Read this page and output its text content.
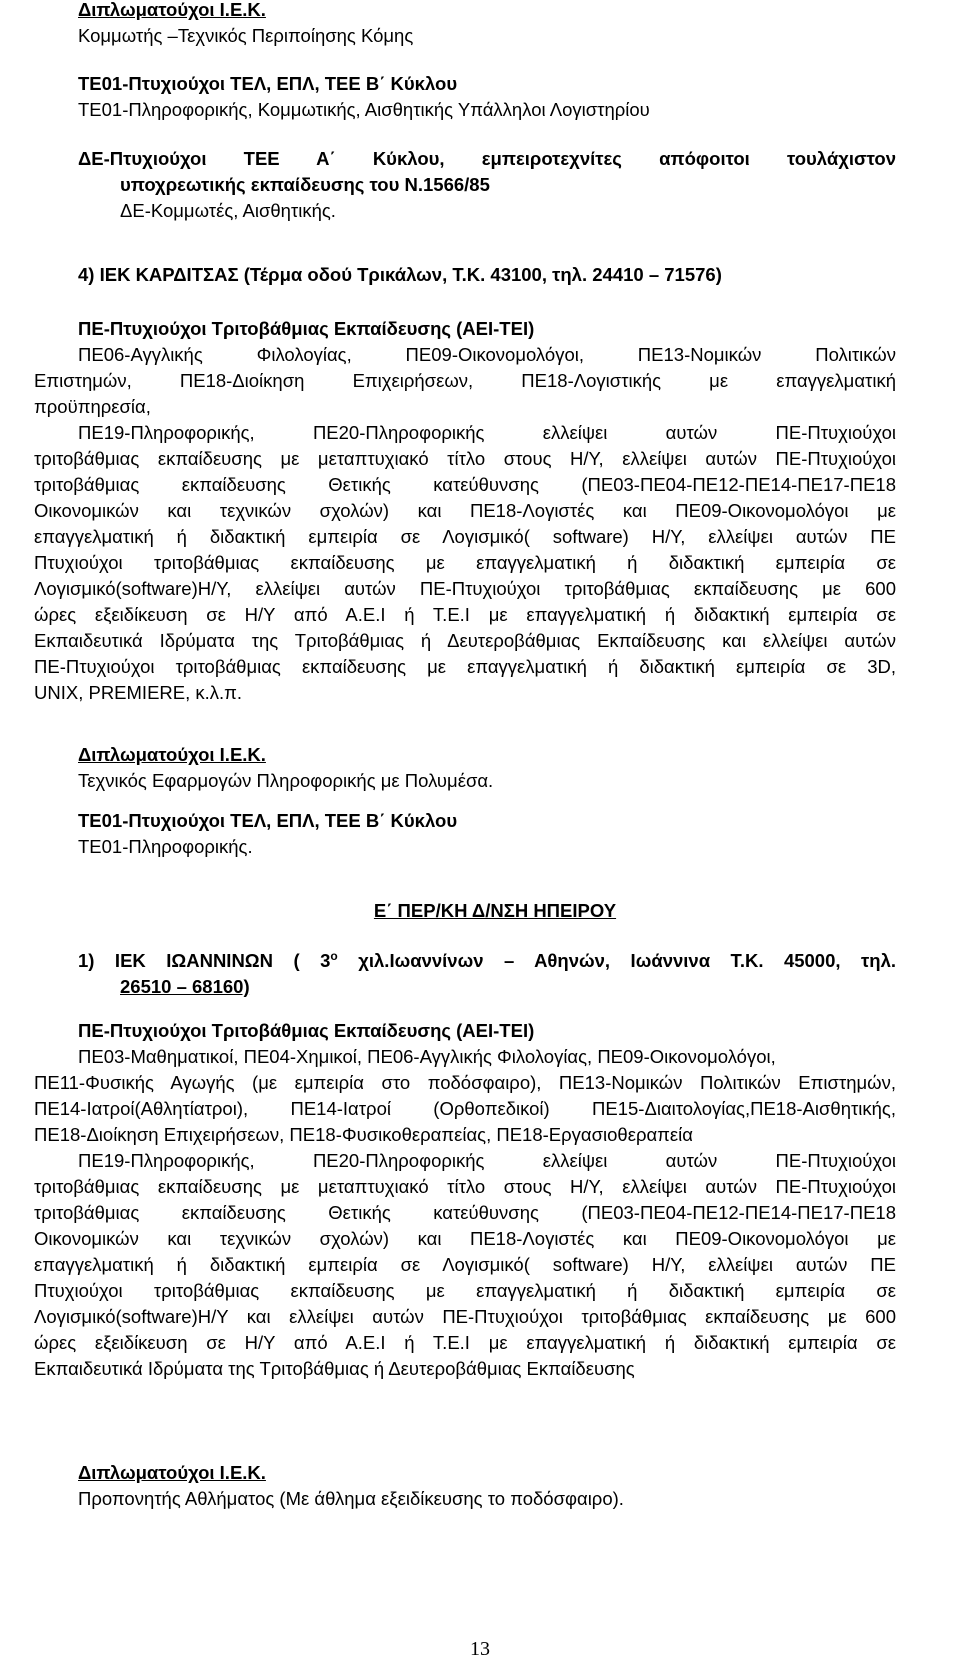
Διπλωματούχοι Ι.Ε.Κ.
Κομμωτής –Τεχνικός Περιποίησης Κόμης
ΤΕ01-Πτυχιούχοι ΤΕΛ, ΕΠΛ, ΤΕΕ Β΄ Κύκλου
ΤΕ01-Πληροφορικής, Κομμωτικής, Αισθητικής Υπάλληλοι Λογιστηρίου
ΔΕ-Πτυχιούχοι ΤΕΕ Α΄ Κύκλου, εμπειροτεχνίτες απόφοιτοι τουλάχιστον
υποχρεωτικής εκπαίδευσης του Ν.1566/85
ΔΕ-Κομμωτές, Αισθητικής.
4) ΙΕΚ ΚΑΡΔΙΤΣΑΣ (Τέρμα οδού Τρικάλων, Τ.Κ. 43100, τηλ. 24410 – 71576)
ΠΕ-Πτυχιούχοι Τριτοβάθμιας Εκπαίδευσης (ΑΕΙ-ΤΕΙ)
ΠΕ06-Αγγλικής Φιλολογίας, ΠΕ09-Οικονομολόγοι, ΠΕ13-Νομικών Πολιτικών
Επιστημών, ΠΕ18-Διοίκηση Επιχειρήσεων, ΠΕ18-Λογιστικής με επαγγελματική
προϋπηρεσία,
ΠΕ19-Πληροφορικής, ΠΕ20-Πληροφορικής ελλείψει αυτών ΠΕ-Πτυχιούχοι
τριτοβάθμιας εκπαίδευσης με μεταπτυχιακό τίτλο στους Η/Υ, ελλείψει αυτών ΠΕ-Πτυχιούχοι
τριτοβάθμιας εκπαίδευσης Θετικής κατεύθυνσης (ΠΕ03-ΠΕ04-ΠΕ12-ΠΕ14-ΠΕ17-ΠΕ18
Οικονομικών και τεχνικών σχολών) και ΠΕ18-Λογιστές και ΠΕ09-Οικονομολόγοι με
επαγγελματική ή διδακτική εμπειρία σε Λογισμικό( software) Η/Υ, ελλείψει αυτών ΠΕ
Πτυχιούχοι τριτοβάθμιας εκπαίδευσης με επαγγελματική ή διδακτική εμπειρία σε
Λογισμικό(software)Η/Υ, ελλείψει αυτών ΠΕ-Πτυχιούχοι τριτοβάθμιας εκπαίδευσης με 600
ώρες εξειδίκευση σε Η/Υ από Α.Ε.Ι ή Τ.Ε.Ι με επαγγελματική ή διδακτική εμπειρία σε
Εκπαιδευτικά Ιδρύματα της Τριτοβάθμιας ή Δευτεροβάθμιας Εκπαίδευσης και ελλείψει αυτών
ΠΕ-Πτυχιούχοι τριτοβάθμιας εκπαίδευσης με επαγγελματική ή διδακτική εμπειρία σε 3D,
UNIX, PREMIERE, κ.λ.π.
Διπλωματούχοι Ι.Ε.Κ.
Τεχνικός Εφαρμογών Πληροφορικής με Πολυμέσα.
ΤΕ01-Πτυχιούχοι ΤΕΛ, ΕΠΛ, ΤΕΕ Β΄ Κύκλου
ΤΕ01-Πληροφορικής.
Ε΄ ΠΕΡ/ΚΗ Δ/ΝΣΗ ΗΠΕΙΡΟΥ
1) ΙΕΚ ΙΩΑΝΝΙΝΩΝ ( $3^o$ χιλ.Ιωαννίνων – Αθηνών, Ιωάννινα Τ.Κ. 45000, τηλ.
26510 – 68160)
ΠΕ-Πτυχιούχοι Τριτοβάθμιας Εκπαίδευσης (ΑΕΙ-ΤΕΙ)
ΠΕ03-Μαθηματικοί, ΠΕ04-Χημικοί, ΠΕ06-Αγγλικής Φιλολογίας, ΠΕ09-Οικονομολόγοι,
ΠΕ11-Φυσικής Αγωγής (με εμπειρία στο ποδόσφαιρο), ΠΕ13-Νομικών Πολιτικών Επιστημών,
ΠΕ14-Ιατροί(Αθλητίατροι), ΠΕ14-Ιατροί (Ορθοπεδικοί) ΠΕ15-Διαιτολογίας,ΠΕ18-Αισθητικής,
ΠΕ18-Διοίκηση Επιχειρήσεων, ΠΕ18-Φυσικοθεραπείας, ΠΕ18-Εργασιοθεραπεία
ΠΕ19-Πληροφορικής, ΠΕ20-Πληροφορικής ελλείψει αυτών ΠΕ-Πτυχιούχοι
τριτοβάθμιας εκπαίδευσης με μεταπτυχιακό τίτλο στους Η/Υ, ελλείψει αυτών ΠΕ-Πτυχιούχοι
τριτοβάθμιας εκπαίδευσης Θετικής κατεύθυνσης (ΠΕ03-ΠΕ04-ΠΕ12-ΠΕ14-ΠΕ17-ΠΕ18
Οικονομικών και τεχνικών σχολών) και ΠΕ18-Λογιστές και ΠΕ09-Οικονομολόγοι με
επαγγελματική ή διδακτική εμπειρία σε Λογισμικό( software) Η/Υ, ελλείψει αυτών ΠΕ
Πτυχιούχοι τριτοβάθμιας εκπαίδευσης με επαγγελματική ή διδακτική εμπειρία σε
Λογισμικό(software)Η/Υ και ελλείψει αυτών ΠΕ-Πτυχιούχοι τριτοβάθμιας εκπαίδευσης με 600
ώρες εξειδίκευση σε Η/Υ από Α.Ε.Ι ή Τ.Ε.Ι με επαγγελματική ή διδακτική εμπειρία σε
Εκπαιδευτικά Ιδρύματα της Τριτοβάθμιας ή Δευτεροβάθμιας Εκπαίδευσης
Διπλωματούχοι Ι.Ε.Κ.
Προπονητής Αθλήματος (Με άθλημα εξειδίκευσης το ποδόσφαιρο).
13
